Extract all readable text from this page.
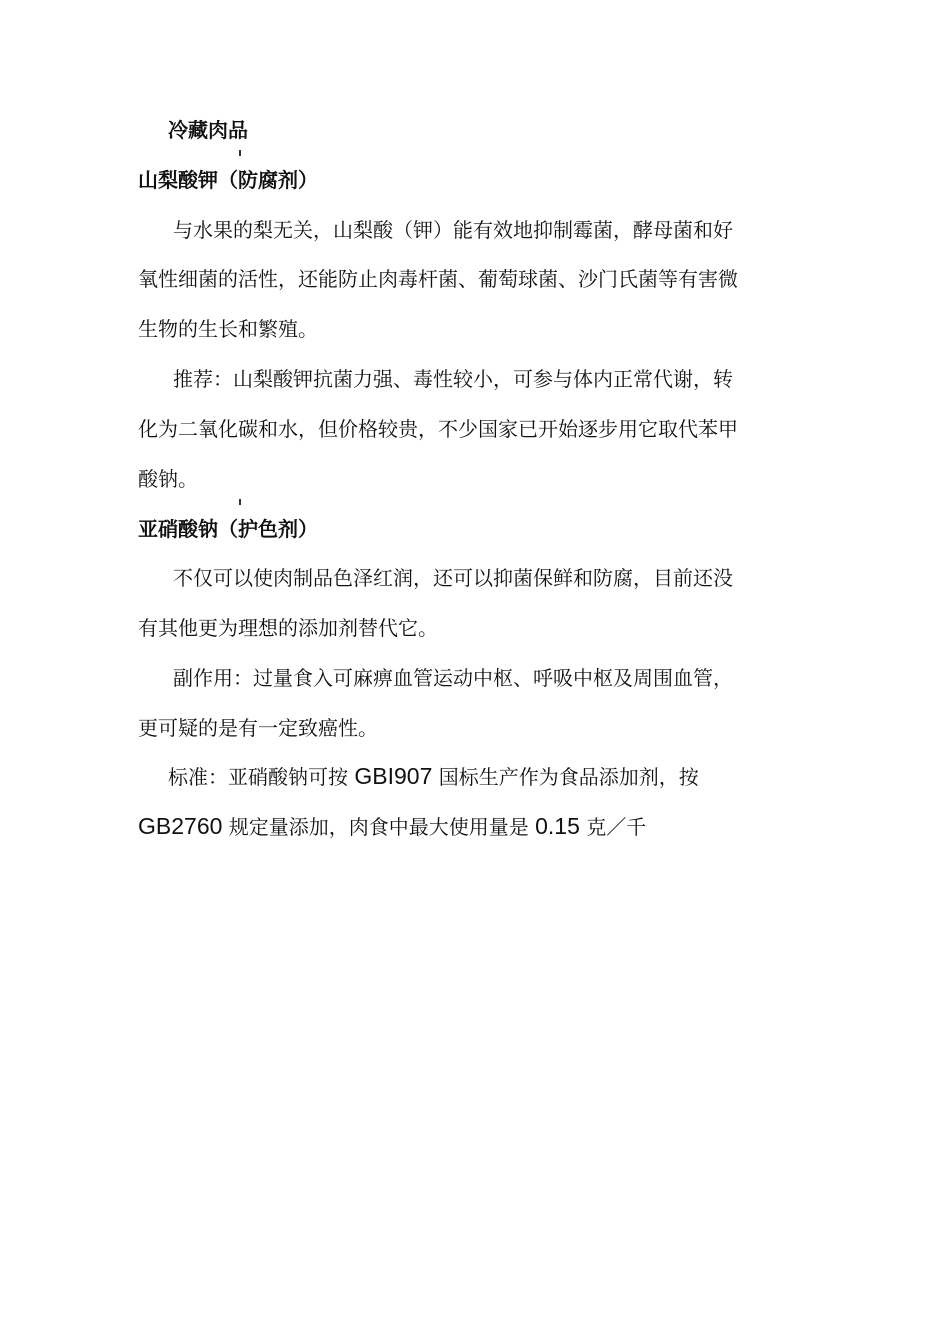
冷藏肉品
山梨酸钾（防腐剂）
与水果的梨无关，山梨酸（钾）能有效地抑制霉菌，酵母菌和好
氧性细菌的活性，还能防止肉毒杆菌、葡萄球菌、沙门氏菌等有害微
生物的生长和繁殖。
推荐：山梨酸钾抗菌力强、毒性较小，可参与体内正常代谢，转
化为二氧化碳和水，但价格较贵，不少国家已开始逐步用它取代苯甲
酸钠。
亚硝酸钠（护色剂）
不仅可以使肉制品色泽红润，还可以抑菌保鲜和防腐，目前还没
有其他更为理想的添加剂替代它。
副作用：过量食入可麻痹血管运动中枢、呼吸中枢及周围血管，
更可疑的是有一定致癌性。
标准：亚硝酸钠可按 GBI907 国标生产作为食品添加剂，按
GB2760 规定量添加，肉食中最大使用量是 0.15 克／千
